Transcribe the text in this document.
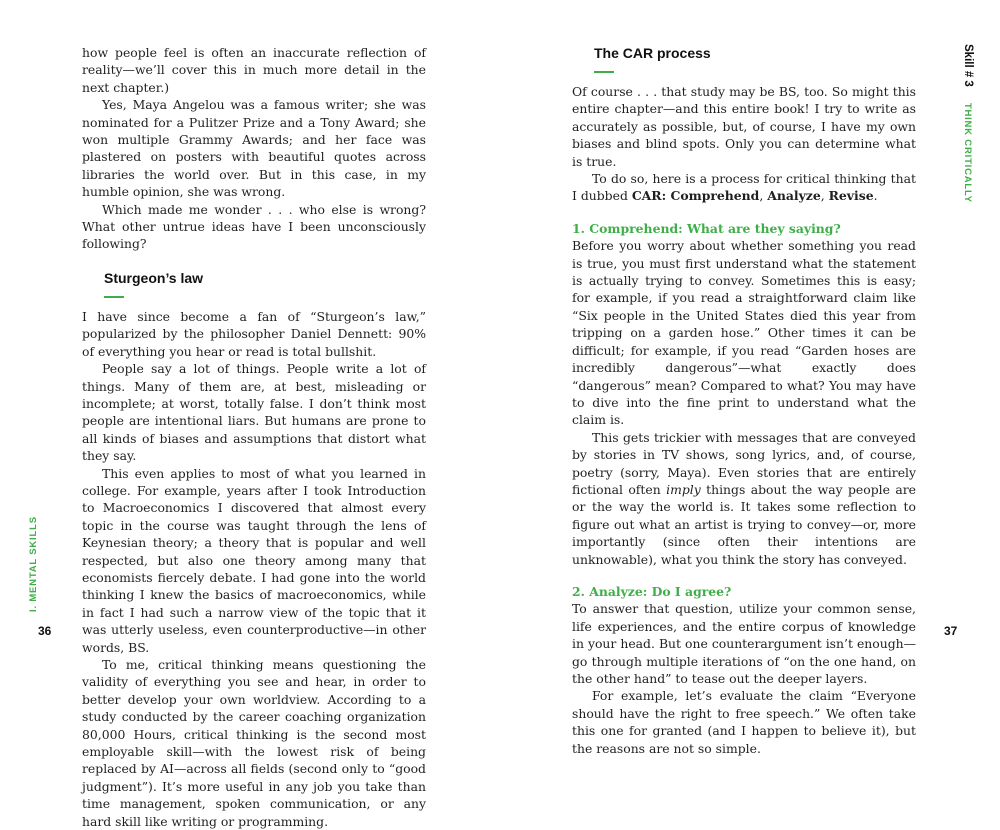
how people feel is often an inaccurate reflection of reality—we’ll cover this in much more detail in the next chapter.)

Yes, Maya Angelou was a famous writer; she was nominated for a Pulitzer Prize and a Tony Award; she won multiple Grammy Awards; and her face was plastered on posters with beautiful quotes across libraries the world over. But in this case, in my humble opinion, she was wrong.

Which made me wonder . . . who else is wrong? What other untrue ideas have I been unconsciously following?

Sturgeon’s law

I have since become a fan of “Sturgeon’s law,” popularized by the philosopher Daniel Dennett: 90% of everything you hear or read is total bullshit.

People say a lot of things. People write a lot of things. Many of them are, at best, misleading or incomplete; at worst, totally false. I don’t think most people are intentional liars. But humans are prone to all kinds of biases and assumptions that distort what they say.

This even applies to most of what you learned in college. For example, years after I took Introduction to Macroeconomics I discovered that almost every topic in the course was taught through the lens of Keynesian theory; a theory that is popular and well respected, but also one theory among many that economists fiercely debate. I had gone into the world thinking I knew the basics of macroeconomics, while in fact I had such a narrow view of the topic that it was utterly useless, even counterproductive—in other words, BS.

To me, critical thinking means questioning the validity of everything you see and hear, in order to better develop your own worldview. According to a study conducted by the career coaching organization 80,000 Hours, critical thinking is the second most employable skill—with the lowest risk of being replaced by AI—across all fields (second only to “good judgment”). It’s more useful in any job you take than time management, spoken communication, or any hard skill like writing or programming.

I. MENTAL SKILLS
36
The CAR process

Of course . . . that study may be BS, too. So might this entire chapter—and this entire book! I try to write as accurately as possible, but, of course, I have my own biases and blind spots. Only you can determine what is true.

To do so, here is a process for critical thinking that I dubbed CAR: Comprehend, Analyze, Revise.

1. Comprehend: What are they saying?

Before you worry about whether something you read is true, you must first understand what the statement is actually trying to convey. Sometimes this is easy; for example, if you read a straightforward claim like “Six people in the United States died this year from tripping on a garden hose.” Other times it can be difficult; for example, if you read “Garden hoses are incredibly dangerous”—what exactly does “dangerous” mean? Compared to what? You may have to dive into the fine print to understand what the claim is.

This gets trickier with messages that are conveyed by stories in TV shows, song lyrics, and, of course, poetry (sorry, Maya). Even stories that are entirely fictional often imply things about the way people are or the way the world is. It takes some reflection to figure out what an artist is trying to convey—or, more importantly (since often their intentions are unknowable), what you think the story has conveyed.

2. Analyze: Do I agree?

To answer that question, utilize your common sense, life experiences, and the entire corpus of knowledge in your head. But one counterargument isn’t enough—go through multiple iterations of “on the one hand, on the other hand” to tease out the deeper layers.

For example, let’s evaluate the claim “Everyone should have the right to free speech.” We often take this one for granted (and I happen to believe it), but the reasons are not so simple.

Skill # 3THINK CRITICALLY
37
